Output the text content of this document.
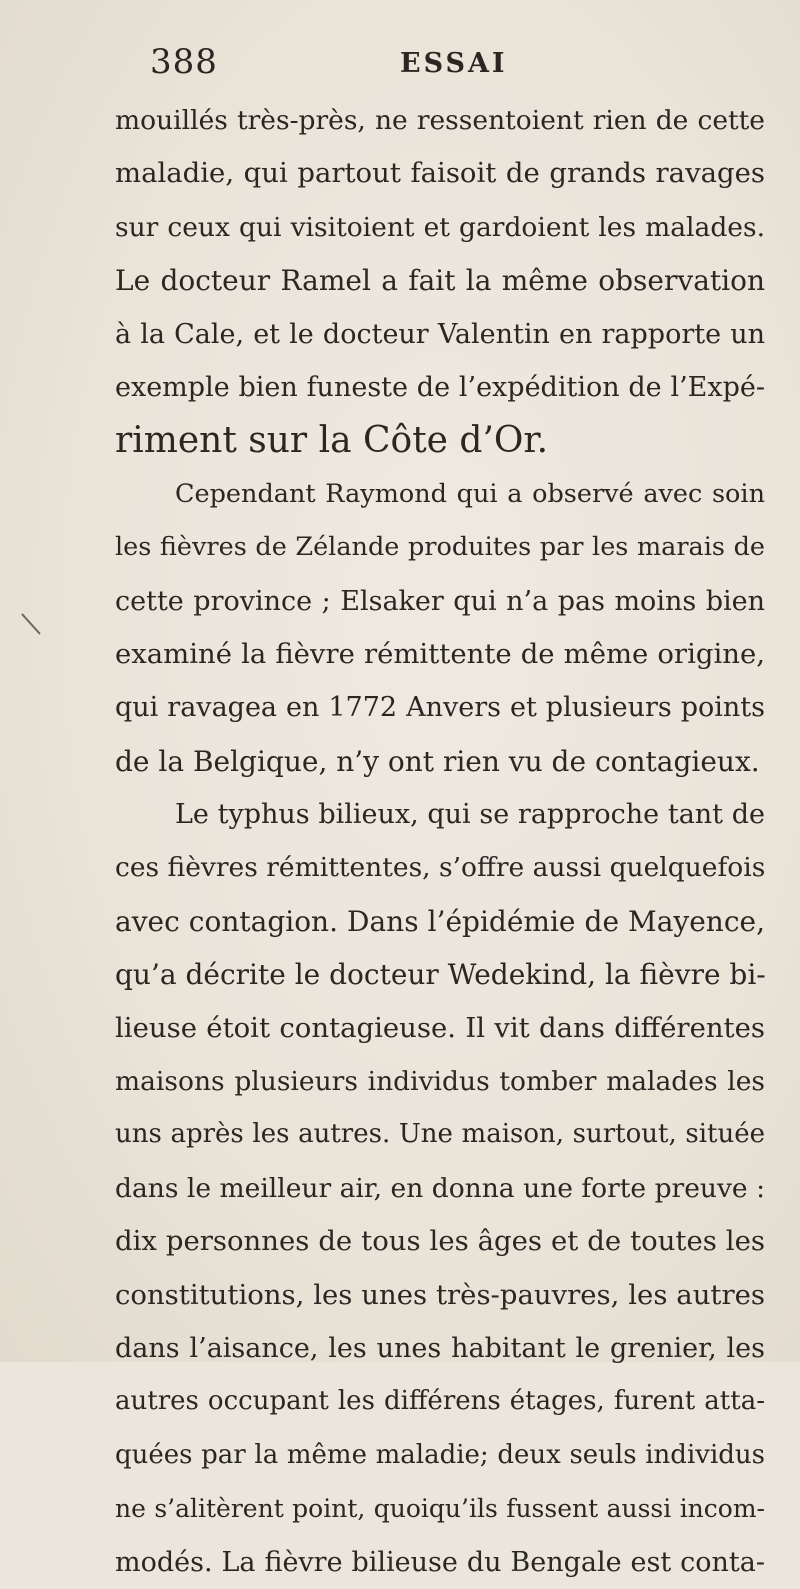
388	ESSAI
mouillés très-près, ne ressentoient rien de cette
maladie, qui partout faisoit de grands ravages
sur ceux qui visitoient et gardoient les malades.
Le docteur Ramel a fait la même observation
à la Cale, et le docteur Valentin en rapporte un
exemple bien funeste de l’expédition de l’Expé-
riment sur la Côte d’Or.
Cependant Raymond qui a observé avec soin
les fièvres de Zélande produites par les marais de
cette province ; Elsaker qui n’a pas moins bien
examiné la fièvre rémittente de même origine,
qui ravagea en 1772 Anvers et plusieurs points
de la Belgique, n’y ont rien vu de contagieux.
Le typhus bilieux, qui se rapproche tant de
ces fièvres rémittentes, s’offre aussi quelquefois
avec contagion. Dans l’épidémie de Mayence,
qu’a décrite le docteur Wedekind, la fièvre bi-
lieuse étoit contagieuse. Il vit dans différentes
maisons plusieurs individus tomber malades les
uns après les autres. Une maison, surtout, située
dans le meilleur air, en donna une forte preuve :
dix personnes de tous les âges et de toutes les
constitutions, les unes très-pauvres, les autres
dans l’aisance, les unes habitant le grenier, les
autres occupant les différens étages, furent atta-
quées par la même maladie; deux seuls individus
ne s’alitèrent point, quoiqu’ils fussent aussi incom-
modés. La fièvre bilieuse du Bengale est conta-
